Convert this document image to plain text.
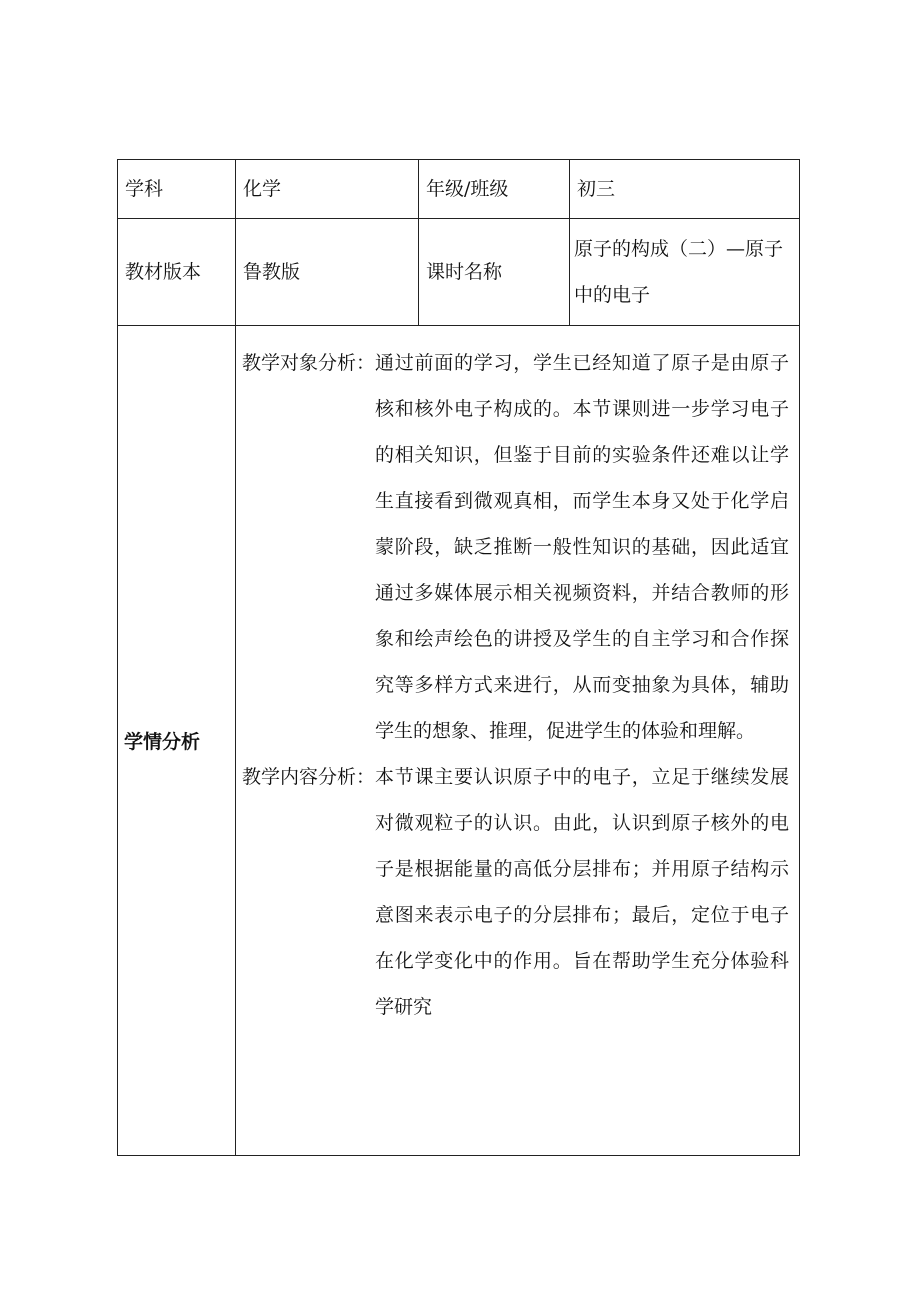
学科	化学	年级/班级	初三

教材版本	鲁教版	课时名称	原子的构成（二）—原子中的电子

学情分析	教学对象分析： 通过前面的学习，学生已经知道了原子是由原子核和核外电子构成的。本节课则进一步学习电子的相关知识，但鉴于目前的实验条件还难以让学生直接看到微观真相，而学生本身又处于化学启蒙阶段，缺乏推断一般性知识的基础，因此适宜通过多媒体展示相关视频资料，并结合教师的形象和绘声绘色的讲授及学生的自主学习和合作探究等多样方式来进行，从而变抽象为具体，辅助学生的想象、推理，促进学生的体验和理解。
教学内容分析： 本节课主要认识原子中的电子，立足于继续发展对微观粒子的认识。由此，认识到原子核外的电子是根据能量的高低分层排布；并用原子结构示意图来表示电子的分层排布；最后，定位于电子在化学变化中的作用。旨在帮助学生充分体验科学研究		
